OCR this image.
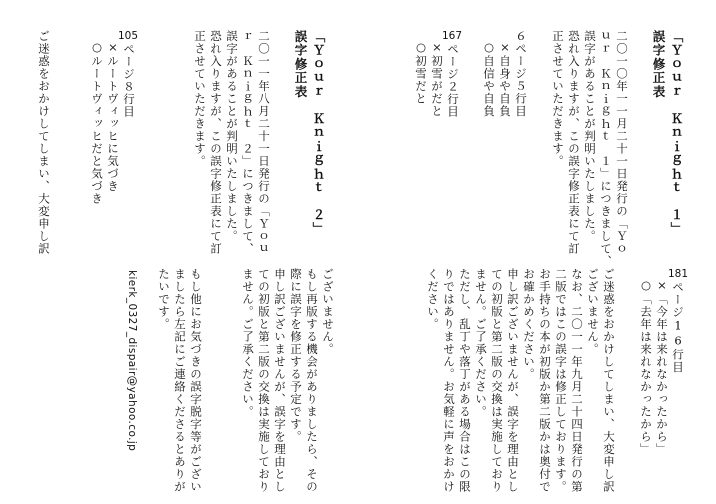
「Ｙｏｕｒ　Ｋｎｉｇｈｔ　１」
誤字修正表
二〇一〇年一一月二十一日発行の「Ｙｏ
ｕｒ　Ｋｎｉｇｈｔ　１」につきまして、
誤字があることが判明いたしました。
恐れ入りますが、この誤字修正表にて訂
正させていただきます。
６ページ５行目
×自身や自負
○自信や自負
167
ページ２行目
×初雪がだと
○初雪だと
「Ｙｏｕｒ　Ｋｎｉｇｈｔ　２」
誤字修正表
二〇一一年八月二十一日発行の「Ｙｏｕ
ｒ　Ｋｎｉｇｈｔ　２」につきまして、
誤字があることが判明いたしました。
恐れ入りますが、この誤字修正表にて訂
正させていただきます。
105
ページ８行目
×ルートヴィッヒに気づき
○ルートヴィッヒだと気づき
ご迷惑をおかけしてしまい、大変申し訳
181
ページ16行目
×「今年は来れなかったから」
○「去年は来れなかったから」
ご迷惑をおかけしてしまい、大変申し訳
ございません。
なお、二〇一一年九月二十四日発行の第
二版ではこの誤字は修正しております。
お手持ちの本が初版か第二版かは奥付で
お確かめください。
申し訳ございませんが、誤字を理由とし
ての初版と第二版の交換は実施しており
ません。ご了承ください。
ただし、乱丁や落丁がある場合はこの限
りではありません。お気軽に声をおかけ
ください。
ございません。
もし再版する機会がありましたら、その
際に誤字を修正する予定です。
申し訳ございませんが、誤字を理由とし
ての初版と第二版の交換は実施しており
ません。ご了承ください。
もし他にお気づきの誤字脱字等がござい
ましたら左記にご連絡くださるとありが
たいです。
kierk_0327_dispair@yahoo.co.jp
